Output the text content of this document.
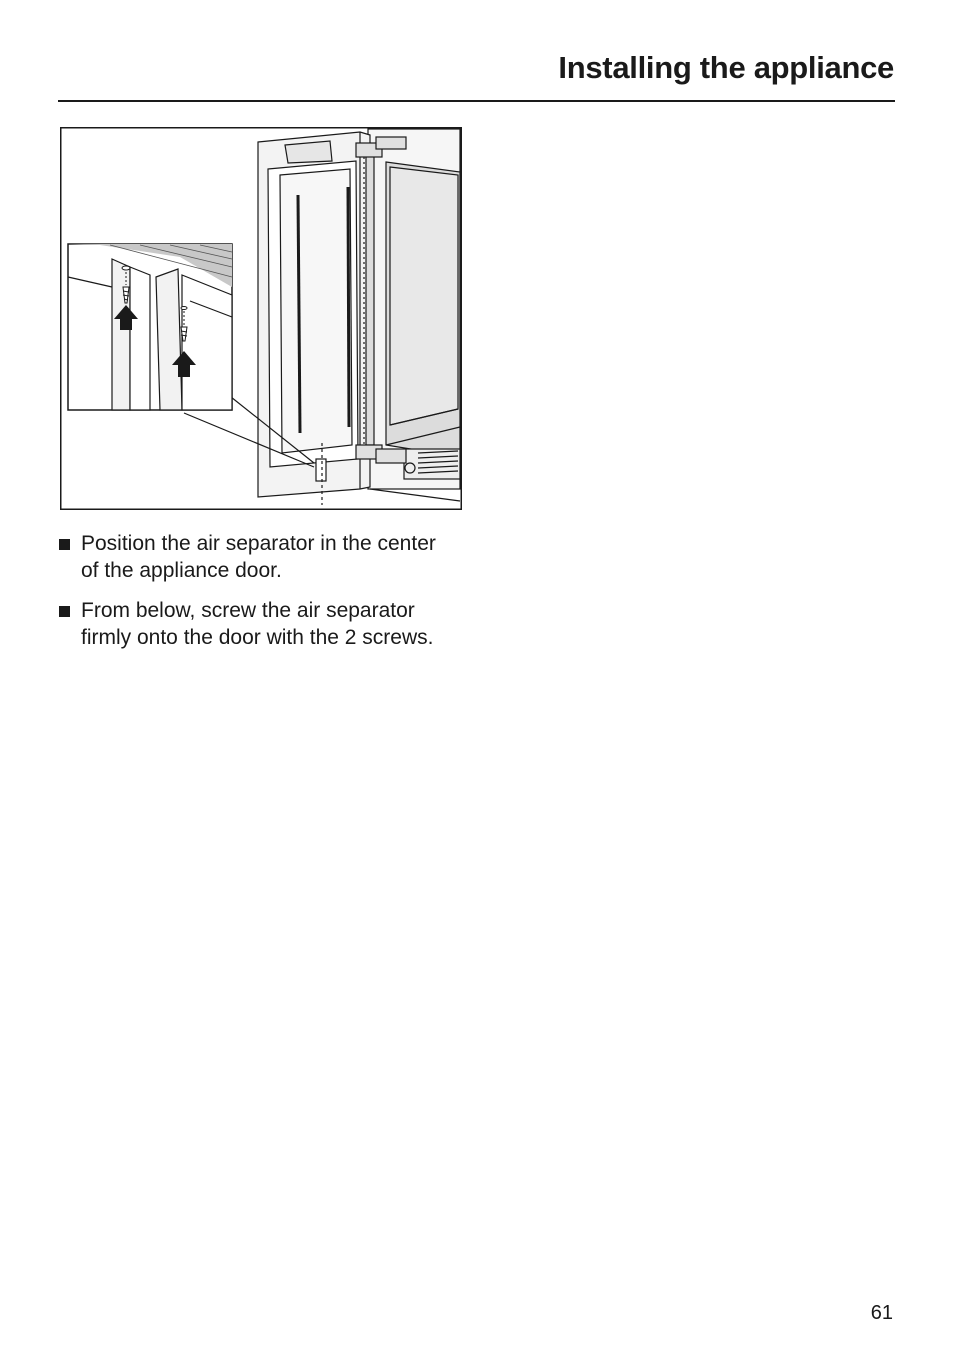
Installing the appliance
Position the air separator in the center of the appliance door.
From below, screw the air separator firmly onto the door with the 2 screws.
61
